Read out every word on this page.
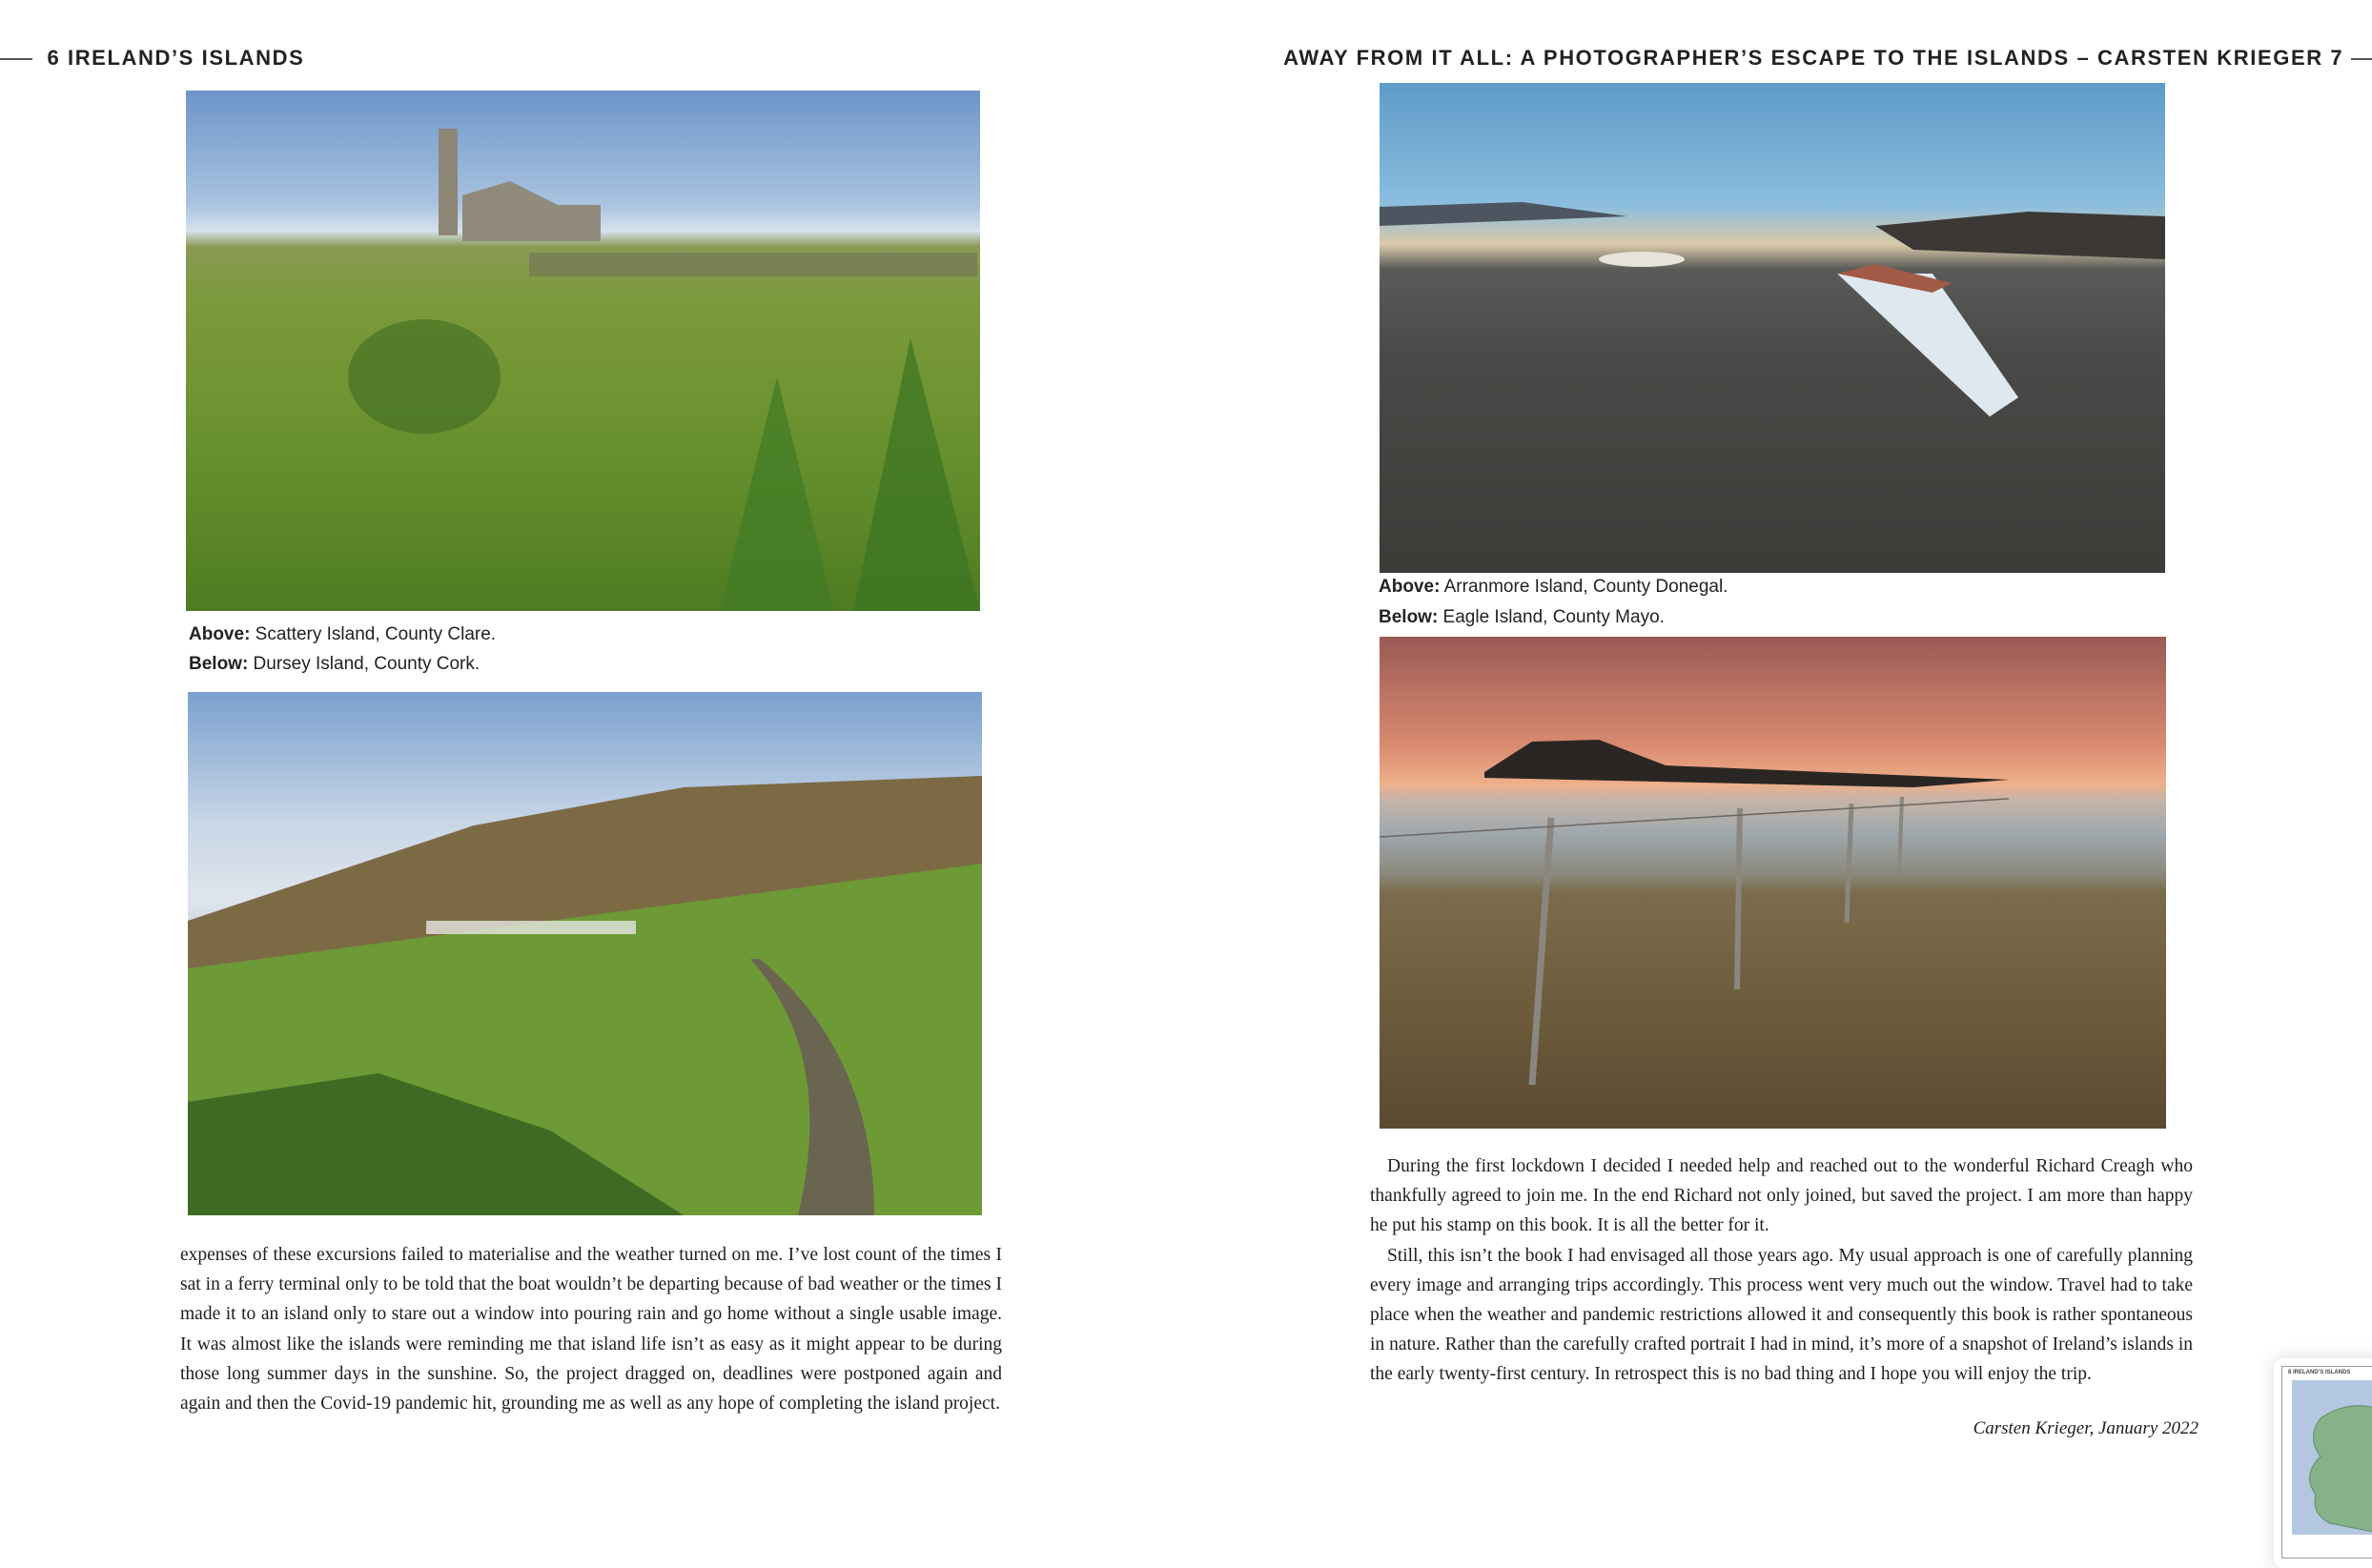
6 IRELAND’S ISLANDS	AWAY FROM IT ALL: A PHOTOGRAPHER’S ESCAPE TO THE ISLANDS – CARSTEN KRIEGER 7
Above: Scattery Island, County Clare.
Below: Dursey Island, County Cork.

expenses of these excursions failed to materialise and the weather turned on me. I’ve lost count of the times I sat in a ferry terminal only to be told that the boat wouldn’t be departing because of bad weather or the times I made it to an island only to stare out a window into pouring rain and go home without a single usable image. It was almost like the islands were reminding me that island life isn’t as easy as it might appear to be during those long summer days in the sunshine. So, the project dragged on, deadlines were postponed again and again and then the Covid-19 pandemic hit, grounding me as well as any hope of completing the island project.

Above: Arranmore Island, County Donegal.
Below: Eagle Island, County Mayo.

During the first lockdown I decided I needed help and reached out to the wonderful Richard Creagh who thankfully agreed to join me. In the end Richard not only joined, but saved the project. I am more than happy he put his stamp on this book. It is all the better for it.

Still, this isn’t the book I had envisaged all those years ago. My usual approach is one of carefully planning every image and arranging trips accordingly. This process went very much out the window. Travel had to take place when the weather and pandemic restrictions allowed it and consequently this book is rather spontaneous in nature. Rather than the carefully crafted portrait I had in mind, it’s more of a snapshot of Ireland’s islands in the early twenty-first century. In retrospect this is no bad thing and I hope you will enjoy the trip.

Carsten Krieger, January 2022
8 IRELAND’S ISLANDS
